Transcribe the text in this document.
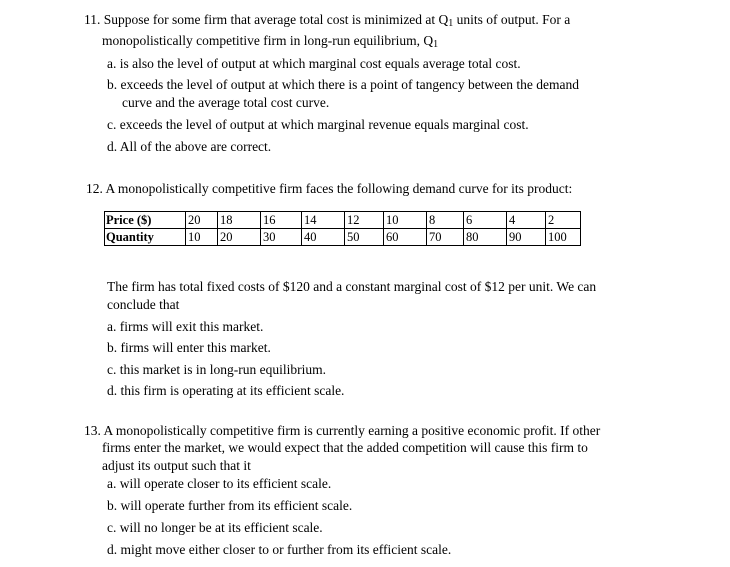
11. Suppose for some firm that average total cost is minimized at $Q_1$ units of output. For a
monopolistically competitive firm in long-run equilibrium, $Q_1$
a. is also the level of output at which marginal cost equals average total cost.
b. exceeds the level of output at which there is a point of tangency between the demand
curve and the average total cost curve.
c. exceeds the level of output at which marginal revenue equals marginal cost.
d. All of the above are correct.
12. A monopolistically competitive firm faces the following demand curve for its product:
Price ($)	20	18	16	14	12	10	8	6	4	2
Quantity	10	20	30	40	50	60	70	80	90	100
The firm has total fixed costs of $120 and a constant marginal cost of $12 per unit. We can
conclude that
a. firms will exit this market.
b. firms will enter this market.
c. this market is in long-run equilibrium.
d. this firm is operating at its efficient scale.
13. A monopolistically competitive firm is currently earning a positive economic profit. If other
firms enter the market, we would expect that the added competition will cause this firm to
adjust its output such that it
a. will operate closer to its efficient scale.
b. will operate further from its efficient scale.
c. will no longer be at its efficient scale.
d. might move either closer to or further from its efficient scale.
